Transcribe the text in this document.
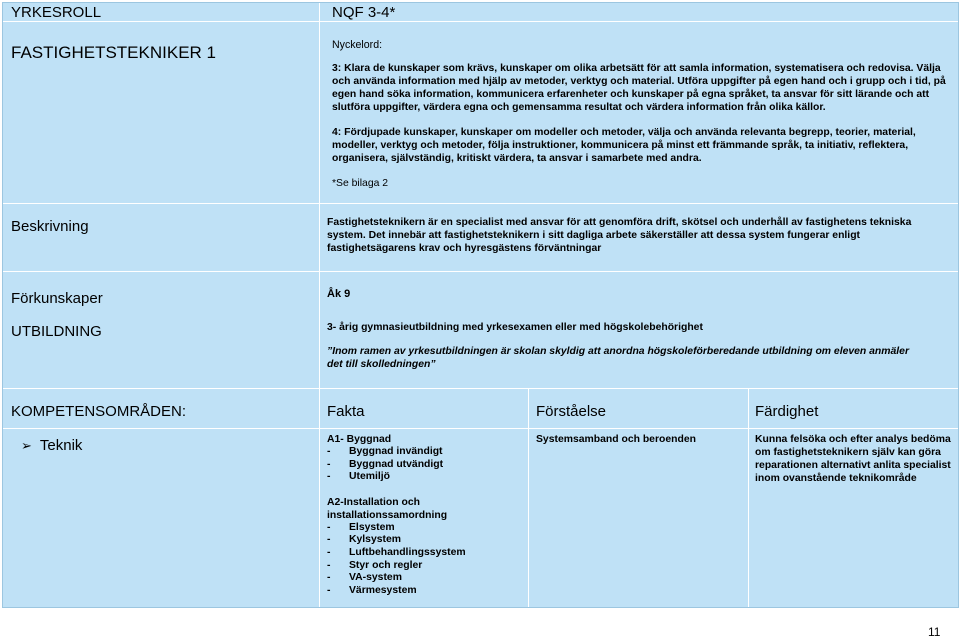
YRKESROLL	NQF 3-4*
FASTIGHETSTEKNIKER 1	Nyckelord:
3: Klara de kunskaper som krävs, kunskaper om olika arbetsätt för att samla information, systematisera och redovisa. Välja och använda information med hjälp av metoder, verktyg och material. Utföra uppgifter på egen hand och i grupp och i tid, på egen hand söka information, kommunicera erfarenheter och kunskaper på egna språket, ta ansvar för sitt lärande och att slutföra uppgifter, värdera egna och gemensamma resultat och värdera information från olika källor.
4: Fördjupade kunskaper, kunskaper om modeller och metoder, välja och använda relevanta begrepp, teorier, material, modeller, verktyg och metoder, följa instruktioner, kommunicera på minst ett främmande språk, ta initiativ, reflektera, organisera, självständig, kritiskt värdera, ta ansvar i samarbete med andra.
*Se bilaga 2
Beskrivning	Fastighetsteknikern är en specialist med ansvar för att genomföra drift, skötsel och underhåll av fastighetens tekniska system. Det innebär att fastighetsteknikern i sitt dagliga arbete säkerställer att dessa system fungerar enligt fastighetsägarens krav och hyresgästens förväntningar
Förkunskaper	Åk 9
UTBILDNING	3- årig gymnasieutbildning med yrkesexamen eller med högskolebehörighet
”Inom ramen av yrkesutbildningen är skolan skyldig att anordna högskoleförberedande utbildning om eleven anmäler det till skolledningen”
KOMPETENSOMRÅDEN:	Fakta	Förståelse	Färdighet
➢ Teknik	A1- Byggnad
- Byggnad invändigt
- Byggnad utvändigt
- Utemiljö
A2-Installation och installationssamordning
- Elsystem
- Kylsystem
- Luftbehandlingssystem
- Styr och regler
- VA-system
- Värmesystem
Systemsamband och beroenden	Kunna felsöka och efter analys bedöma om fastighetsteknikern själv kan göra reparationen alternativt anlita specialist inom ovanstående teknikområde
11
